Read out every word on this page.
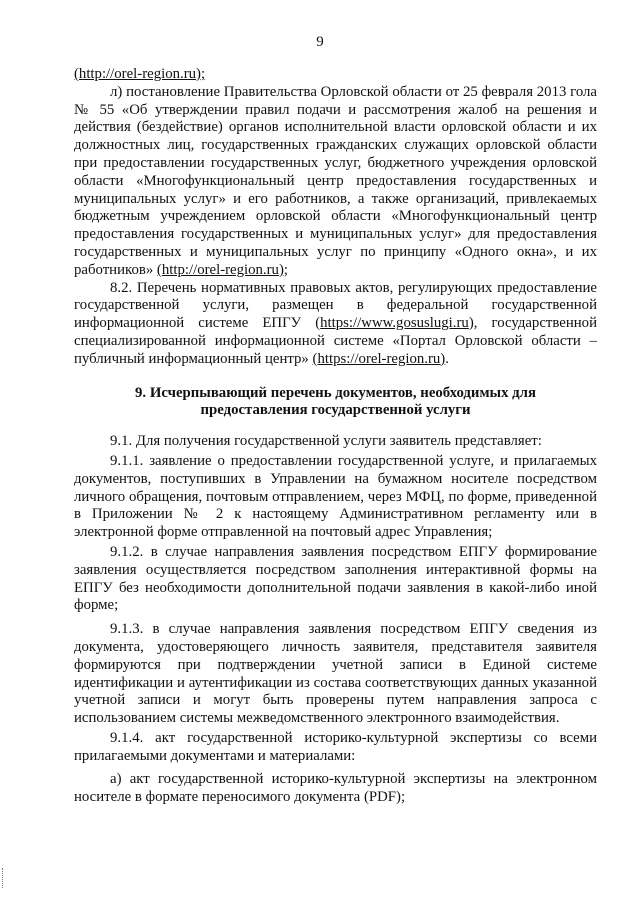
9

(http://orel-region.ru);

л) постановление Правительства Орловской области от 25 февраля 2013 гола № 55 «Об утверждении правил подачи и рассмотрения жалоб на решения и действия (бездействие) органов исполнительной власти орловской области и их должностных лиц, государственных гражданских служащих орловской области при предоставлении государственных услуг, бюджетного учреждения орловской области «Многофункциональный центр предоставления государственных и муниципальных услуг» и его работников, а также организаций, привлекаемых бюджетным учреждением орловской области «Многофункциональный центр предоставления государственных и муниципальных услуг» для предоставления государственных и муниципальных услуг по принципу «Одного окна», и их работников» (http://orel-region.ru);

8.2. Перечень нормативных правовых актов, регулирующих предоставление государственной услуги, размещен в федеральной государственной информационной системе ЕПГУ (https://www.gosuslugi.ru), государственной специализированной информационной системе «Портал Орловской области – публичный информационный центр» (https://orel-region.ru).

9. Исчерпывающий перечень документов, необходимых для предоставления государственной услуги

9.1. Для получения государственной услуги заявитель представляет:

9.1.1. заявление о предоставлении государственной услуге, и прилагаемых документов, поступивших в Управлении на бумажном носителе посредством личного обращения, почтовым отправлением, через МФЦ, по форме, приведенной в Приложении № 2 к настоящему Административном регламенту или в электронной форме отправленной на почтовый адрес Управления;

9.1.2. в случае направления заявления посредством ЕПГУ формирование заявления осуществляется посредством заполнения интерактивной формы на ЕПГУ без необходимости дополнительной подачи заявления в какой-либо иной форме;

9.1.3. в случае направления заявления посредством ЕПГУ сведения из документа, удостоверяющего личность заявителя, представителя заявителя формируются при подтверждении учетной записи в Единой системе идентификации и аутентификации из состава соответствующих данных указанной учетной записи и могут быть проверены путем направления запроса с использованием системы межведомственного электронного взаимодействия.

9.1.4. акт государственной историко-культурной экспертизы со всеми прилагаемыми документами и материалами:

а) акт государственной историко-культурной экспертизы на электронном носителе в формате переносимого документа (PDF);
